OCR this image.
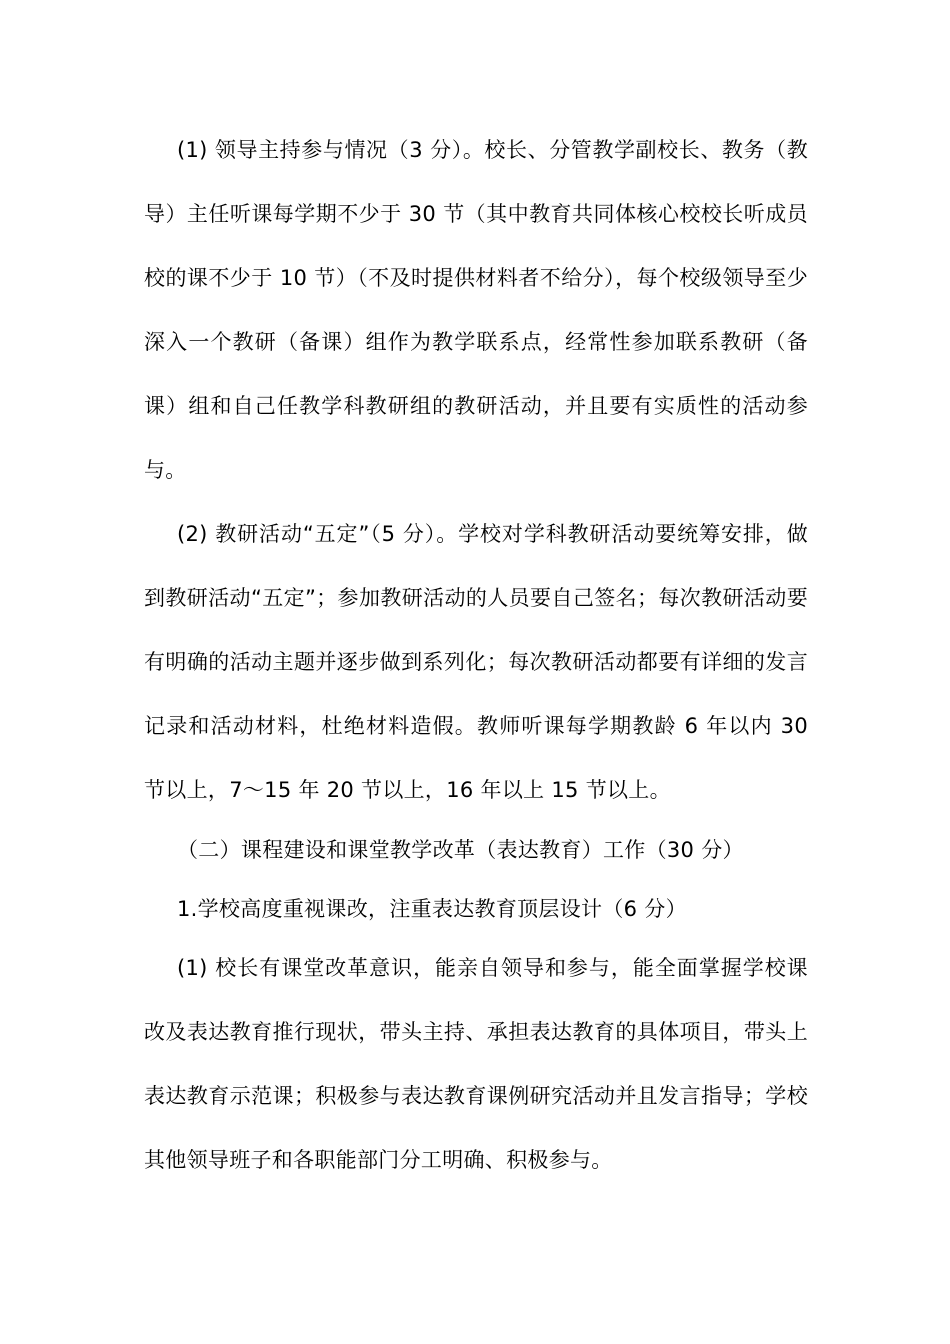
(1) 领导主持参与情况（3 分）。校长、分管教学副校长、教务（教导）主任听课每学期不少于 30 节（其中教育共同体核心校校长听成员校的课不少于 10 节）（不及时提供材料者不给分），每个校级领导至少深入一个教研（备课）组作为教学联系点，经常性参加联系教研（备课）组和自己任教学科教研组的教研活动，并且要有实质性的活动参与。

(2) 教研活动“五定”（5 分）。学校对学科教研活动要统筹安排，做到教研活动“五定”；参加教研活动的人员要自己签名；每次教研活动要有明确的活动主题并逐步做到系列化；每次教研活动都要有详细的发言记录和活动材料，杜绝材料造假。教师听课每学期教龄 6 年以内 30 节以上，7～15 年 20 节以上，16 年以上 15 节以上。

（二）课程建设和课堂教学改革（表达教育）工作（30 分）

1.学校高度重视课改，注重表达教育顶层设计（6 分）

(1) 校长有课堂改革意识，能亲自领导和参与，能全面掌握学校课改及表达教育推行现状，带头主持、承担表达教育的具体项目，带头上表达教育示范课；积极参与表达教育课例研究活动并且发言指导；学校其他领导班子和各职能部门分工明确、积极参与。
